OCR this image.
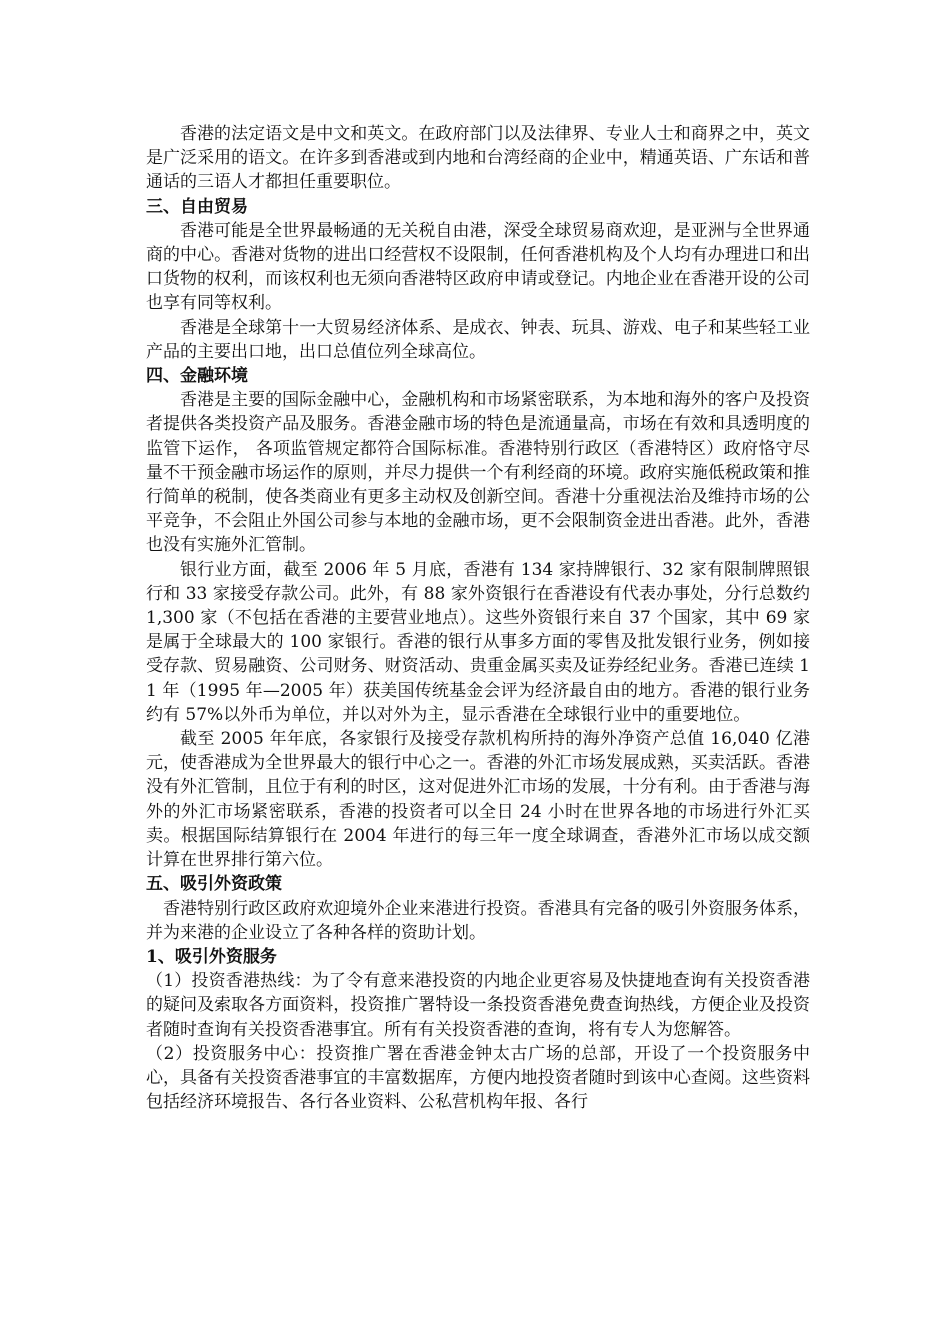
香港的法定语文是中文和英文。在政府部门以及法律界、专业人士和商界之中，英文是广泛采用的语文。在许多到香港或到内地和台湾经商的企业中，精通英语、广东话和普通话的三语人才都担任重要职位。

三、自由贸易

香港可能是全世界最畅通的无关税自由港，深受全球贸易商欢迎，是亚洲与全世界通商的中心。香港对货物的进出口经营权不设限制，任何香港机构及个人均有办理进口和出口货物的权利，而该权利也无须向香港特区政府申请或登记。内地企业在香港开设的公司也享有同等权利。

香港是全球第十一大贸易经济体系、是成衣、钟表、玩具、游戏、电子和某些轻工业产品的主要出口地，出口总值位列全球高位。

四、金融环境

香港是主要的国际金融中心，金融机构和市场紧密联系，为本地和海外的客户及投资者提供各类投资产品及服务。香港金融市场的特色是流通量高，市场在有效和具透明度的监管下运作， 各项监管规定都符合国际标准。香港特别行政区（香港特区）政府恪守尽量不干预金融市场运作的原则，并尽力提供一个有利经商的环境。政府实施低税政策和推行简单的税制，使各类商业有更多主动权及创新空间。香港十分重视法治及维持市场的公平竞争，不会阻止外国公司参与本地的金融市场，更不会限制资金进出香港。此外，香港也没有实施外汇管制。

银行业方面，截至 2006 年 5 月底，香港有 134 家持牌银行、32 家有限制牌照银行和 33 家接受存款公司。此外，有 88 家外资银行在香港设有代表办事处，分行总数约 1,300 家（不包括在香港的主要营业地点）。这些外资银行来自 37 个国家，其中 69 家是属于全球最大的 100 家银行。香港的银行从事多方面的零售及批发银行业务，例如接受存款、贸易融资、公司财务、财资活动、贵重金属买卖及证券经纪业务。香港已连续 11 年（1995 年—2005 年）获美国传统基金会评为经济最自由的地方。香港的银行业务约有 57%以外币为单位，并以对外为主，显示香港在全球银行业中的重要地位。

截至 2005 年年底，各家银行及接受存款机构所持的海外净资产总值 16,040 亿港元，使香港成为全世界最大的银行中心之一。香港的外汇市场发展成熟，买卖活跃。香港没有外汇管制，且位于有利的时区，这对促进外汇市场的发展，十分有利。由于香港与海外的外汇市场紧密联系，香港的投资者可以全日 24 小时在世界各地的市场进行外汇买卖。根据国际结算银行在 2004 年进行的每三年一度全球调查，香港外汇市场以成交额计算在世界排行第六位。

五、吸引外资政策

香港特别行政区政府欢迎境外企业来港进行投资。香港具有完备的吸引外资服务体系，并为来港的企业设立了各种各样的资助计划。

1、吸引外资服务

（1）投资香港热线：为了令有意来港投资的内地企业更容易及快捷地查询有关投资香港的疑问及索取各方面资料，投资推广署特设一条投资香港免费查询热线，方便企业及投资者随时查询有关投资香港事宜。所有有关投资香港的查询，将有专人为您解答。

（2）投资服务中心：投资推广署在香港金钟太古广场的总部，开设了一个投资服务中心，具备有关投资香港事宜的丰富数据库，方便内地投资者随时到该中心查阅。这些资料包括经济环境报告、各行各业资料、公私营机构年报、各行
